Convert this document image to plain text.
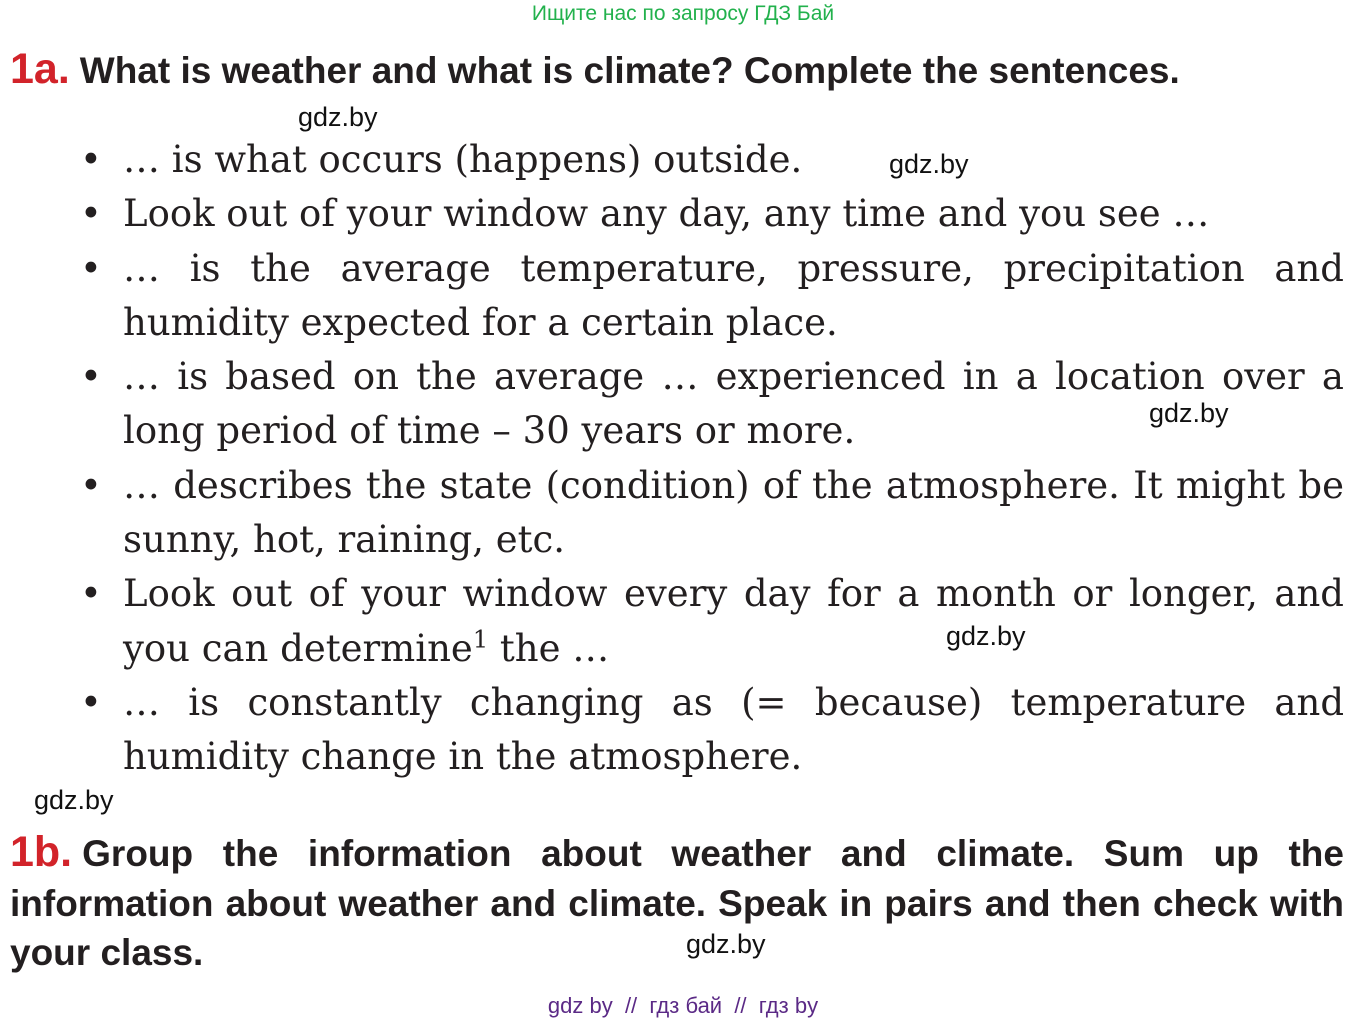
Ищите нас по запросу ГДЗ Бай
1a. What is weather and what is climate? Complete the sentences.
• … is what occurs (happens) outside.
• Look out of your window any day, any time and you see …
• … is the average temperature, pressure, precipitation and humidity expected for a certain place.
• … is based on the average … experienced in a location over a long period of time – 30 years or more.
• … describes the state (condition) of the atmosphere. It might be sunny, hot, raining, etc.
• Look out of your window every day for a month or longer, and you can determine$^1$ the …
• … is constantly changing as (= because) temperature and humidity change in the atmosphere.
1b. Group the information about weather and climate. Sum up the information about weather and climate. Speak in pairs and then check with your class.
gdz.by
gdz.by
gdz.by
gdz.by
gdz.by
gdz.by
gdz by  //  гдз бай  //  гдз by
